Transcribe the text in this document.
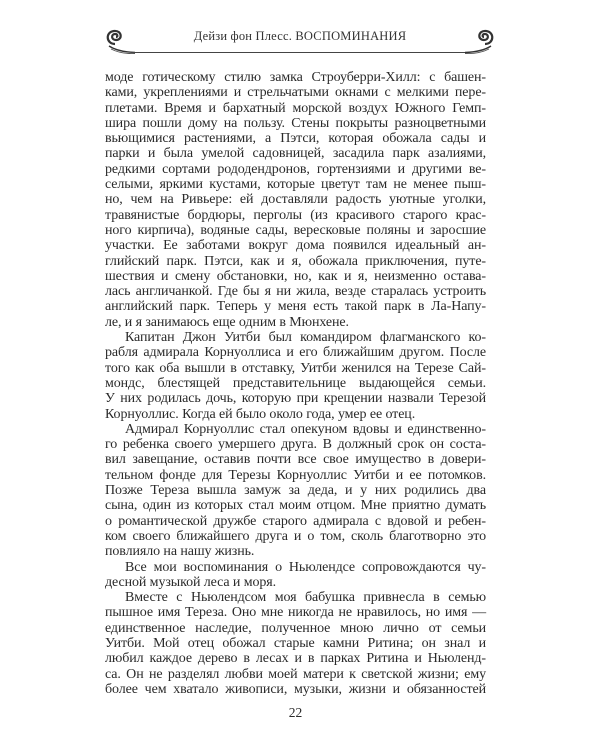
Дейзи фон Плесс. ВОСПОМИНАНИЯ
моде готическому стилю замка Строуберри-Хилл: с башен-
ками, укреплениями и стрельчатыми окнами с мелкими пере-
плетами. Время и бархатный морской воздух Южного Гемп-
шира пошли дому на пользу. Стены покрыты разноцветными
вьющимися растениями, а Пэтси, которая обожала сады и
парки и была умелой садовницей, засадила парк азалиями,
редкими сортами рододендронов, гортензиями и другими ве-
селыми, яркими кустами, которые цветут там не менее пыш-
но, чем на Ривьере: ей доставляли радость уютные уголки,
травянистые бордюры, перголы (из красивого старого крас-
ного кирпича), водяные сады, вересковые поляны и заросшие
участки. Ее заботами вокруг дома появился идеальный ан-
глийский парк. Пэтси, как и я, обожала приключения, путе-
шествия и смену обстановки, но, как и я, неизменно остава-
лась англичанкой. Где бы я ни жила, везде старалась устроить
английский парк. Теперь у меня есть такой парк в Ла-Напу-
ле, и я занимаюсь еще одним в Мюнхене.
Капитан Джон Уитби был командиром флагманского ко-
рабля адмирала Корнуоллиса и его ближайшим другом. После
того как оба вышли в отставку, Уитби женился на Терезе Сай-
мондс, блестящей представительнице выдающейся семьи.
У них родилась дочь, которую при крещении назвали Терезой
Корнуоллис. Когда ей было около года, умер ее отец.
Адмирал Корнуоллис стал опекуном вдовы и единственно-
го ребенка своего умершего друга. В должный срок он соста-
вил завещание, оставив почти все свое имущество в довери-
тельном фонде для Терезы Корнуоллис Уитби и ее потомков.
Позже Тереза вышла замуж за деда, и у них родились два
сына, один из которых стал моим отцом. Мне приятно думать
о романтической дружбе старого адмирала с вдовой и ребен-
ком своего ближайшего друга и о том, сколь благотворно это
повлияло на нашу жизнь.
Все мои воспоминания о Ньюлендсе сопровождаются чу-
десной музыкой леса и моря.
Вместе с Ньюлендсом моя бабушка привнесла в семью
пышное имя Тереза. Оно мне никогда не нравилось, но имя —
единственное наследие, полученное мною лично от семьи
Уитби. Мой отец обожал старые камни Ритина; он знал и
любил каждое дерево в лесах и в парках Ритина и Ньюленд-
са. Он не разделял любви моей матери к светской жизни; ему
более чем хватало живописи, музыки, жизни и обязанностей
22
